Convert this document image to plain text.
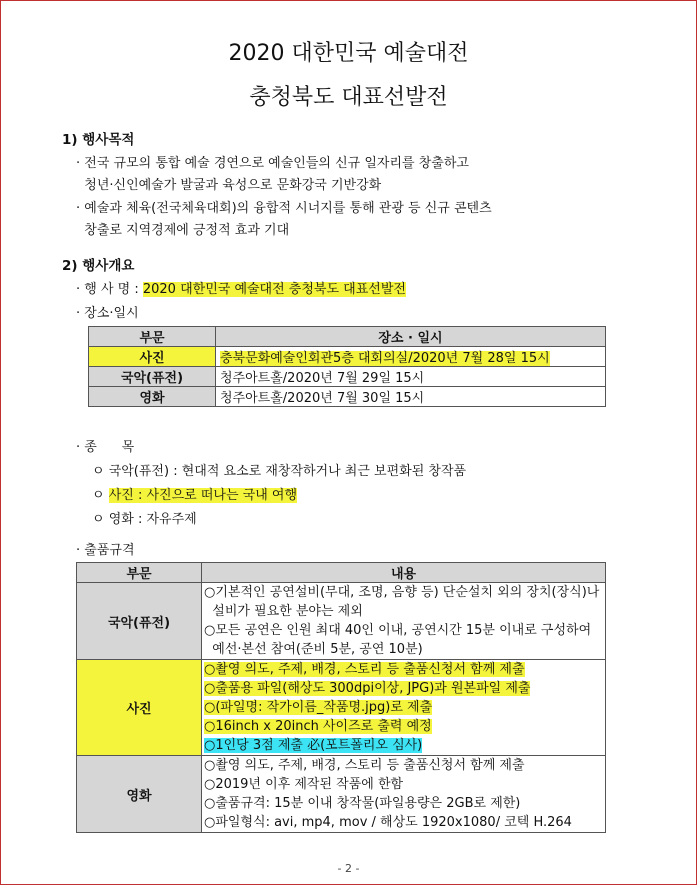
2020 대한민국 예술대전
충청북도 대표선발전
1) 행사목적
· 전국 규모의 통합 예술 경연으로 예술인들의 신규 일자리를 창출하고
청년·신인예술가 발굴과 육성으로 문화강국 기반강화
· 예술과 체육(전국체육대회)의 융합적 시너지를 통해 관광 등 신규 콘텐츠
창출로 지역경제에 긍정적 효과 기대
2) 행사개요
· 행 사 명 : 2020 대한민국 예술대전 충청북도 대표선발전
· 장소·일시
부문	장소 · 일시
사진	충북문화예술인회관5층 대회의실/2020년 7월 28일 15시
국악(퓨전)	청주아트홀/2020년 7월 29일 15시
영화	청주아트홀/2020년 7월 30일 15시
· 종      목
ㅇ 국악(퓨전) : 현대적 요소로 재창작하거나 최근 보편화된 창작품
ㅇ 사진 : 사진으로 떠나는 국내 여행
ㅇ 영화 : 자유주제
· 출품규격
부문	내용
국악(퓨전)	○기본적인 공연설비(무대, 조명, 음향 등) 단순설치 외의 장치(장식)나
설비가 필요한 분야는 제외
○모든 공연은 인원 최대 40인 이내, 공연시간 15분 이내로 구성하여
예선·본선 참여(준비 5분, 공연 10분)

사진	○촬영 의도, 주제, 배경, 스토리 등 출품신청서 함께 제출
○출품용 파일(해상도 300dpi이상, JPG)과 원본파일 제출
○(파일명: 작가이름_작품명.jpg)로 제출
○16inch x 20inch 사이즈로 출력 예정
○1인당 3점 제출 必(포트폴리오 심사)

영화	○촬영 의도, 주제, 배경, 스토리 등 출품신청서 함께 제출
○2019년 이후 제작된 작품에 한함
○출품규격: 15분 이내 창작물(파일용량은 2GB로 제한)
○파일형식: avi, mp4, mov / 해상도 1920x1080/ 코텍 H.264
- 2 -
